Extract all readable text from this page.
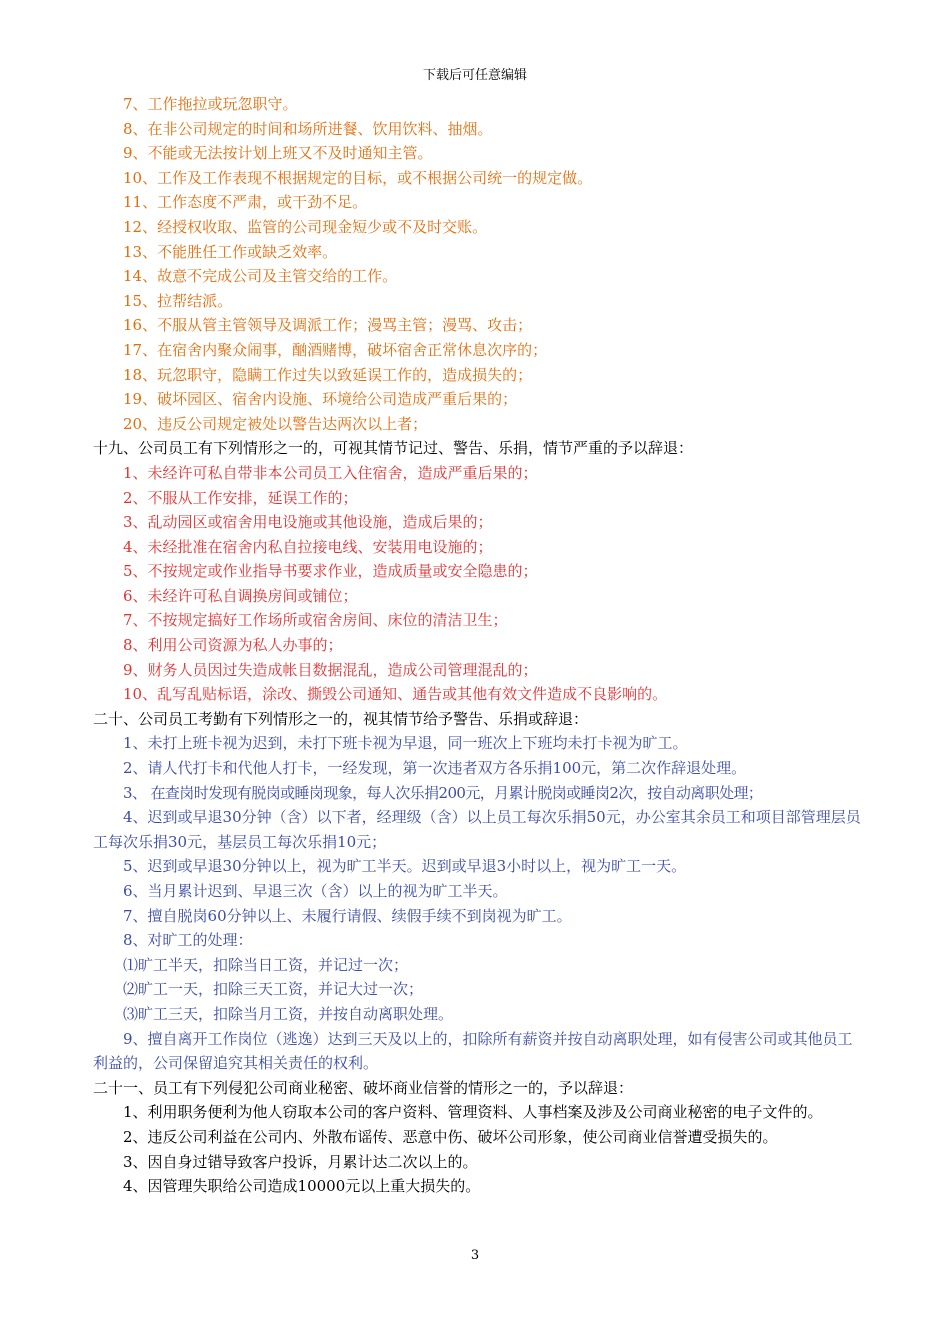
下载后可任意编辑

7、工作拖拉或玩忽职守。

8、在非公司规定的时间和场所进餐、饮用饮料、抽烟。

9、不能或无法按计划上班又不及时通知主管。

10、工作及工作表现不根据规定的目标，或不根据公司统一的规定做。

11、工作态度不严肃，或干劲不足。

12、经授权收取、监管的公司现金短少或不及时交账。

13、不能胜任工作或缺乏效率。

14、故意不完成公司及主管交给的工作。

15、拉帮结派。

16、不服从管主管领导及调派工作；漫骂主管；漫骂、攻击；

17、在宿舍内聚众闹事，酗酒赌博，破坏宿舍正常休息次序的；

18、玩忽职守，隐瞒工作过失以致延误工作的，造成损失的；

19、破坏园区、宿舍内设施、环境给公司造成严重后果的；

20、违反公司规定被处以警告达两次以上者；

十九、公司员工有下列情形之一的，可视其情节记过、警告、乐捐，情节严重的予以辞退：

1、未经许可私自带非本公司员工入住宿舍，造成严重后果的；

2、不服从工作安排，延误工作的；

3、乱动园区或宿舍用电设施或其他设施，造成后果的；

4、未经批准在宿舍内私自拉接电线、安装用电设施的；

5、不按规定或作业指导书要求作业，造成质量或安全隐患的；

6、未经许可私自调换房间或铺位；

7、不按规定搞好工作场所或宿舍房间、床位的清洁卫生；

8、利用公司资源为私人办事的；

9、财务人员因过失造成帐目数据混乱，造成公司管理混乱的；

10、乱写乱贴标语，涂改、撕毁公司通知、通告或其他有效文件造成不良影响的。

二十、公司员工考勤有下列情形之一的，视其情节给予警告、乐捐或辞退：

1、未打上班卡视为迟到，未打下班卡视为早退，同一班次上下班均未打卡视为旷工。

2、请人代打卡和代他人打卡，一经发现，第一次违者双方各乐捐100元，第二次作辞退处理。

3、 在查岗时发现有脱岗或睡岗现象，每人次乐捐200元，月累计脱岗或睡岗2次，按自动离职处理；

4、迟到或早退30分钟（含）以下者，经理级（含）以上员工每次乐捐50元，办公室其余员工和项目部管理层员工每次乐捐30元，基层员工每次乐捐10元；

5、迟到或早退30分钟以上，视为旷工半天。迟到或早退3小时以上，视为旷工一天。

6、当月累计迟到、早退三次（含）以上的视为旷工半天。

7、擅自脱岗60分钟以上、未履行请假、续假手续不到岗视为旷工。

8、对旷工的处理：

⑴旷工半天，扣除当日工资，并记过一次；

⑵旷工一天，扣除三天工资，并记大过一次；

⑶旷工三天，扣除当月工资，并按自动离职处理。

9、擅自离开工作岗位（逃逸）达到三天及以上的，扣除所有薪资并按自动离职处理，如有侵害公司或其他员工利益的，公司保留追究其相关责任的权利。

二十一、员工有下列侵犯公司商业秘密、破坏商业信誉的情形之一的，予以辞退：

1、利用职务便利为他人窃取本公司的客户资料、管理资料、人事档案及涉及公司商业秘密的电子文件的。

2、违反公司利益在公司内、外散布谣传、恶意中伤、破坏公司形象，使公司商业信誉遭受损失的。

3、因自身过错导致客户投诉，月累计达二次以上的。

4、因管理失职给公司造成10000元以上重大损失的。

3
